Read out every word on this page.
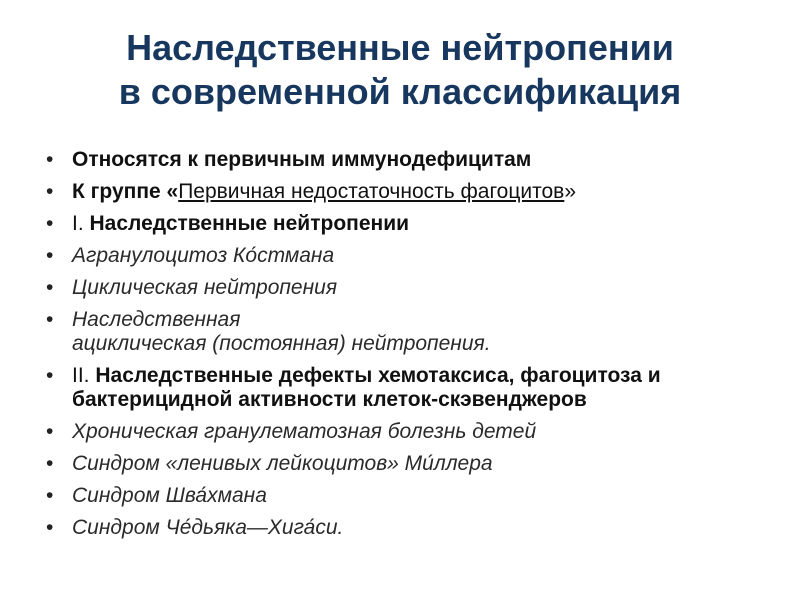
Наследственные нейтропении
в современной классификация
• Относятся к первичным иммунодефицитам
• К группе «Первичная недостаточность фагоцитов»
• I. Наследственные нейтропении
• Агранулоцитоз Ко́стмана
• Циклическая нейтропения
• Наследственная
ациклическая (постоянная) нейтропения.
• II. Наследственные дефекты хемотаксиса, фагоцитоза и бактерицидной активности клеток-скэвенджеров
• Хроническая гранулематозная болезнь детей
• Синдром «ленивых лейкоцитов» Ми́ллера
• Синдром Шва́хмана
• Синдром Че́дьяка—Хига́си.
